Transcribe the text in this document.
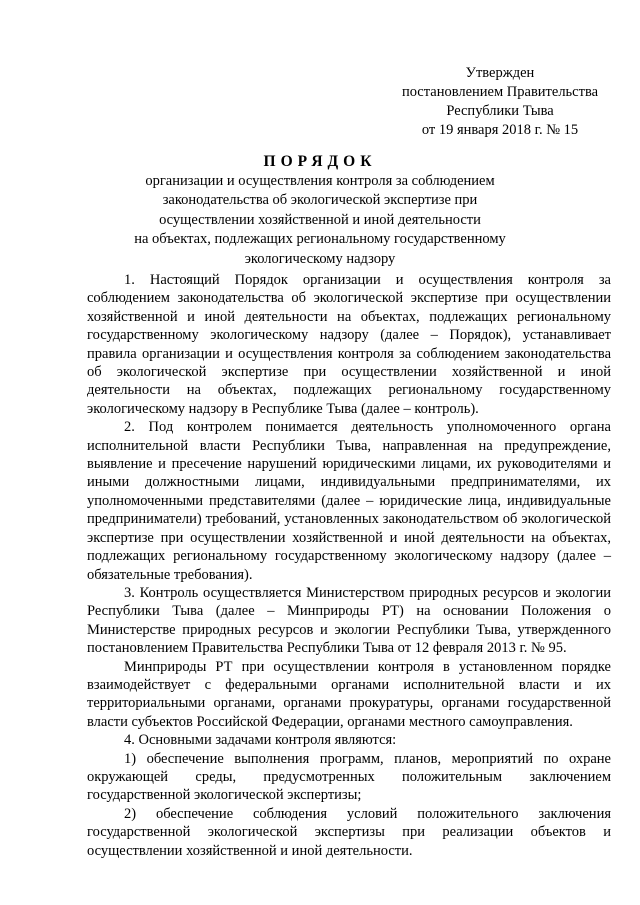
Утвержден
постановлением Правительства
Республики Тыва
от 19 января 2018 г. № 15
ПОРЯДОК
организации и осуществления контроля за соблюдением
законодательства об экологической экспертизе при
осуществлении хозяйственной и иной деятельности
на объектах, подлежащих региональному государственному
экологическому надзору

1. Настоящий Порядок организации и осуществления контроля за соблюдением законодательства об экологической экспертизе при осуществлении хозяйственной и иной деятельности на объектах, подлежащих региональному государственному экологическому надзору (далее – Порядок), устанавливает правила организации и осуществления контроля за соблюдением законодательства об экологической экспертизе при осуществлении хозяйственной и иной деятельности на объектах, подлежащих региональному государственному экологическому надзору в Республике Тыва (далее – контроль).

2. Под контролем понимается деятельность уполномоченного органа исполнительной власти Республики Тыва, направленная на предупреждение, выявление и пресечение нарушений юридическими лицами, их руководителями и иными должностными лицами, индивидуальными предпринимателями, их уполномоченными представителями (далее – юридические лица, индивидуальные предприниматели) требований, установленных законодательством об экологической экспертизе при осуществлении хозяйственной и иной деятельности на объектах, подлежащих региональному государственному экологическому надзору (далее – обязательные требования).

3. Контроль осуществляется Министерством природных ресурсов и экологии Республики Тыва (далее – Минприроды РТ) на основании Положения о Министерстве природных ресурсов и экологии Республики Тыва, утвержденного постановлением Правительства Республики Тыва от 12 февраля 2013 г. № 95.

Минприроды РТ при осуществлении контроля в установленном порядке взаимодействует с федеральными органами исполнительной власти и их территориальными органами, органами прокуратуры, органами государственной власти субъектов Российской Федерации, органами местного самоуправления.

4. Основными задачами контроля являются:

1) обеспечение выполнения программ, планов, мероприятий по охране окружающей среды, предусмотренных положительным заключением государственной экологической экспертизы;

2) обеспечение соблюдения условий положительного заключения государственной экологической экспертизы при реализации объектов и осуществлении хозяйственной и иной деятельности.
